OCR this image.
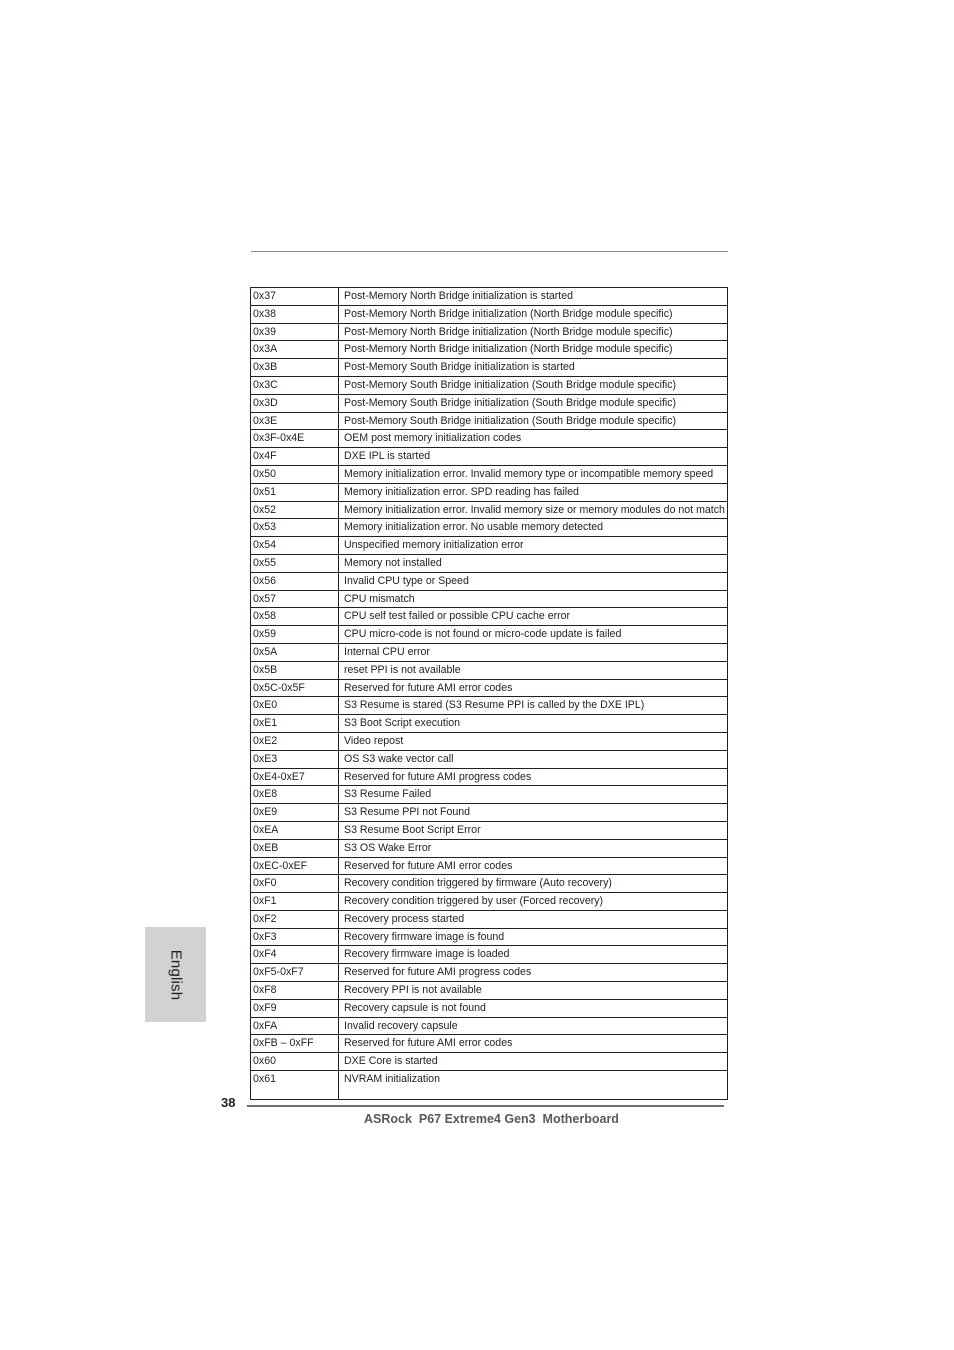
0x37	Post-Memory North Bridge initialization is started
0x38	Post-Memory North Bridge initialization (North Bridge module specific)
0x39	Post-Memory North Bridge initialization (North Bridge module specific)
0x3A	Post-Memory North Bridge initialization (North Bridge module specific)
0x3B	Post-Memory South Bridge initialization is started
0x3C	Post-Memory South Bridge initialization (South Bridge module specific)
0x3D	Post-Memory South Bridge initialization (South Bridge module specific)
0x3E	Post-Memory South Bridge initialization (South Bridge module specific)
0x3F-0x4E	OEM post memory initialization codes
0x4F	DXE IPL is started
0x50	Memory initialization error. Invalid memory type or incompatible memory speed
0x51	Memory initialization error. SPD reading has failed
0x52	Memory initialization error. Invalid memory size or memory modules do not match
0x53	Memory initialization error. No usable memory detected
0x54	Unspecified memory initialization error
0x55	Memory not installed
0x56	Invalid CPU type or Speed
0x57	CPU mismatch
0x58	CPU self test failed or possible CPU cache error
0x59	CPU micro-code is not found or micro-code update is failed
0x5A	Internal CPU error
0x5B	reset PPI is not available
0x5C-0x5F	Reserved for future AMI error codes
0xE0	S3 Resume is stared (S3 Resume PPI is called by the DXE IPL)
0xE1	S3 Boot Script execution
0xE2	Video repost
0xE3	OS S3 wake vector call
0xE4-0xE7	Reserved for future AMI progress codes
0xE8	S3 Resume Failed
0xE9	S3 Resume PPI not Found
0xEA	S3 Resume Boot Script Error
0xEB	S3 OS Wake Error
0xEC-0xEF	Reserved for future AMI error codes
0xF0	Recovery condition triggered by firmware (Auto recovery)
0xF1	Recovery condition triggered by user (Forced recovery)
0xF2	Recovery process started
0xF3	Recovery firmware image is found
0xF4	Recovery firmware image is loaded
0xF5-0xF7	Reserved for future AMI progress codes
0xF8	Recovery PPI is not available
0xF9	Recovery capsule is not found
0xFA	Invalid recovery capsule
0xFB – 0xFF	Reserved for future AMI error codes
0x60	DXE Core is started
0x61	NVRAM initialization
English
38
ASRock  P67 Extreme4 Gen3  Motherboard
